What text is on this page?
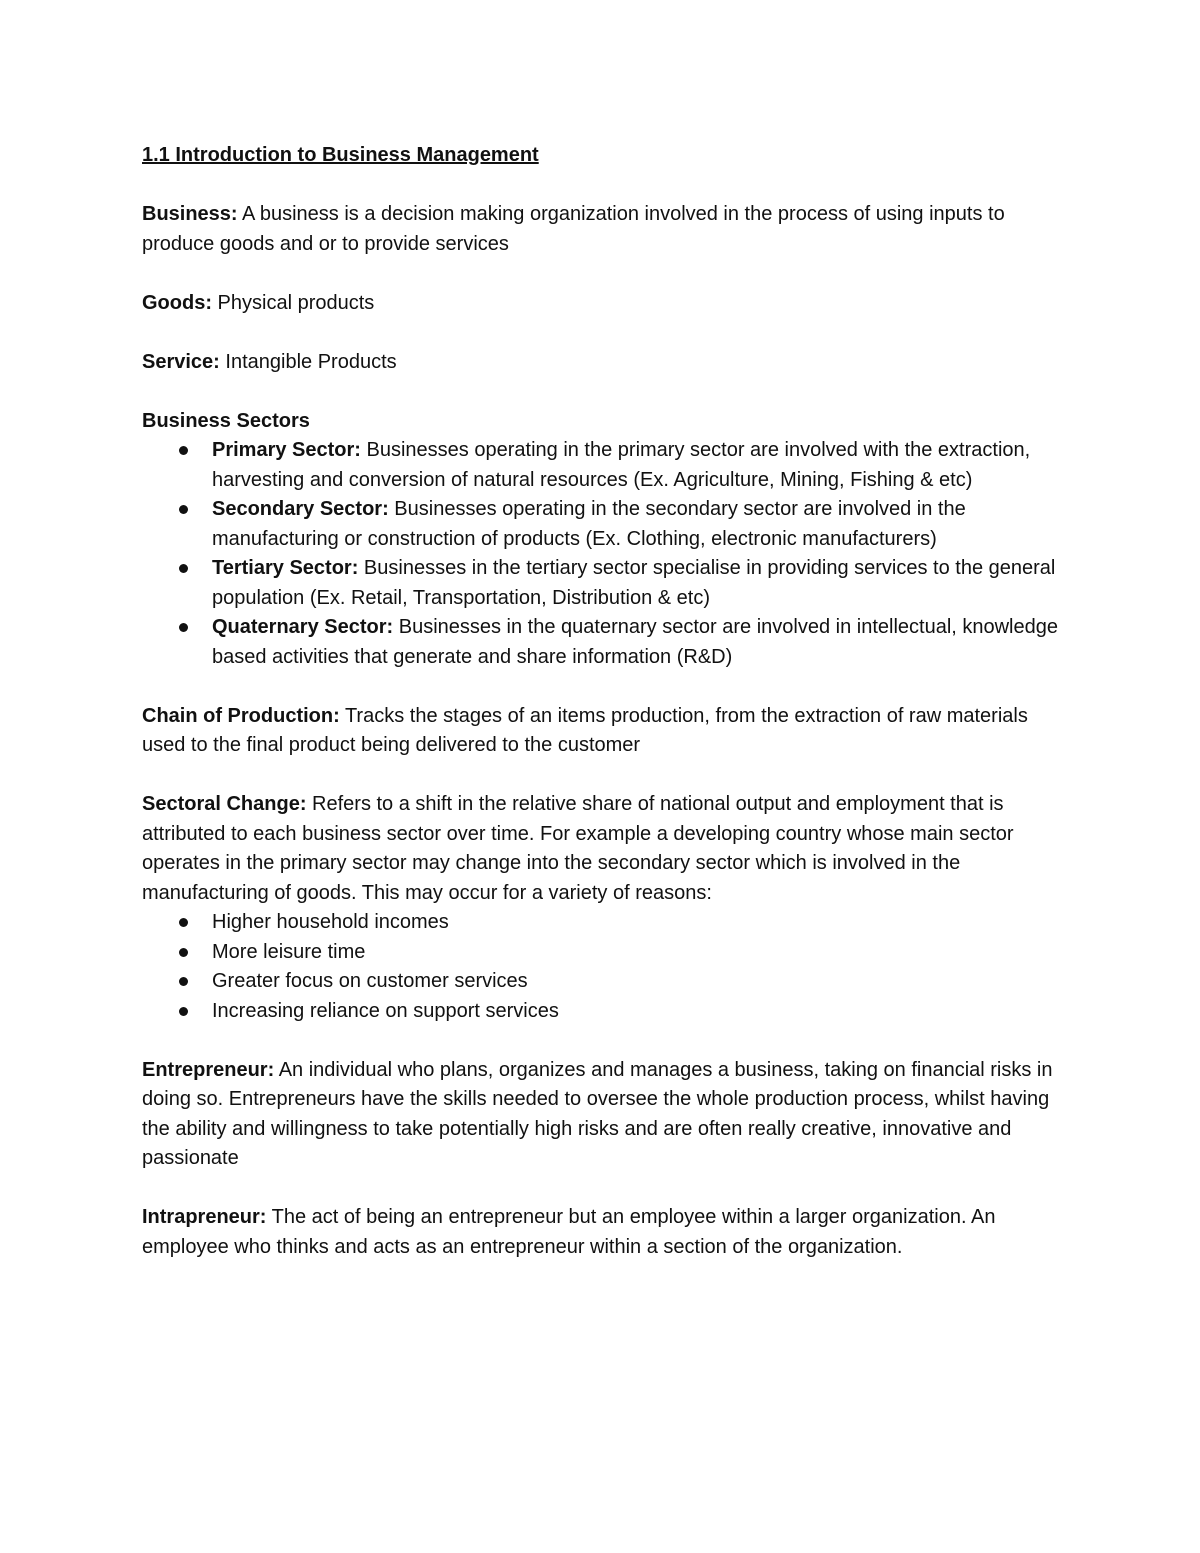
1.1 Introduction to Business Management

Business: A business is a decision making organization involved in the process of using inputs to produce goods and or to provide services

Goods: Physical products

Service: Intangible Products

Business Sectors

Primary Sector: Businesses operating in the primary sector are involved with the extraction, harvesting and conversion of natural resources (Ex. Agriculture, Mining, Fishing & etc)
Secondary Sector: Businesses operating in the secondary sector are involved in the manufacturing or construction of products (Ex. Clothing, electronic manufacturers)
Tertiary Sector: Businesses in the tertiary sector specialise in providing services to the general population (Ex. Retail, Transportation, Distribution & etc)
Quaternary Sector: Businesses in the quaternary sector are involved in intellectual, knowledge based activities that generate and share information (R&D)

Chain of Production: Tracks the stages of an items production, from the extraction of raw materials used to the final product being delivered to the customer

Sectoral Change: Refers to a shift in the relative share of national output and employment that is attributed to each business sector over time. For example a developing country whose main sector operates in the primary sector may change into the secondary sector which is involved in the manufacturing of goods. This may occur for a variety of reasons:

Higher household incomes
More leisure time
Greater focus on customer services
Increasing reliance on support services

Entrepreneur: An individual who plans, organizes and manages a business, taking on financial risks in doing so. Entrepreneurs have the skills needed to oversee the whole production process, whilst having the ability and willingness to take potentially high risks and are often really creative, innovative and passionate

Intrapreneur: The act of being an entrepreneur but an employee within a larger organization. An employee who thinks and acts as an entrepreneur within a section of the organization.
